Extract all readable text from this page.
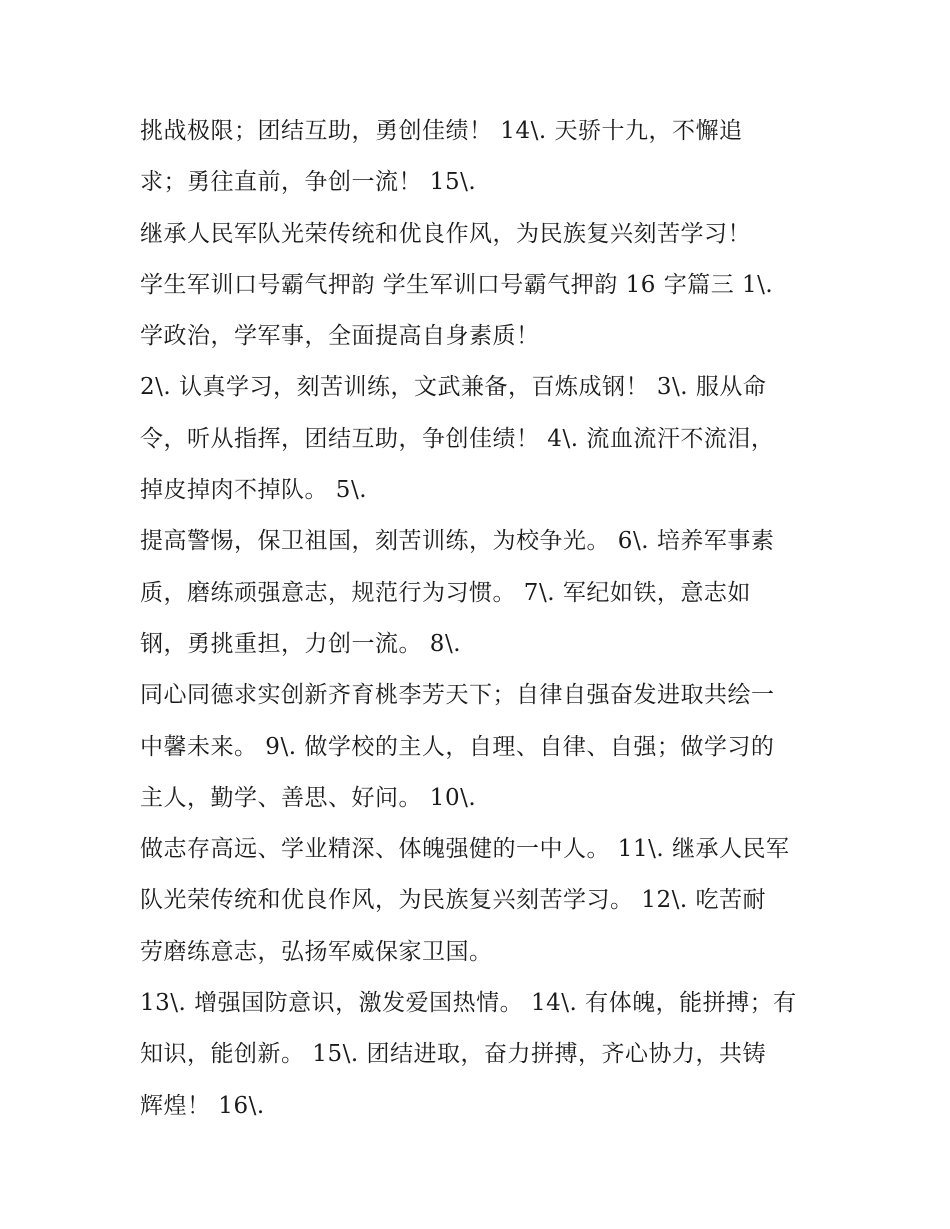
挑战极限；团结互助，勇创佳绩！ 14\. 天骄十九，不懈追
求；勇往直前，争创一流！ 15\.
继承人民军队光荣传统和优良作风，为民族复兴刻苦学习！
学生军训口号霸气押韵 学生军训口号霸气押韵 16 字篇三 1\.
学政治，学军事，全面提高自身素质！
2\. 认真学习，刻苦训练，文武兼备，百炼成钢！ 3\. 服从命
令，听从指挥，团结互助，争创佳绩！ 4\. 流血流汗不流泪，
掉皮掉肉不掉队。 5\.
提高警惕，保卫祖国，刻苦训练，为校争光。 6\. 培养军事素
质，磨练顽强意志，规范行为习惯。 7\. 军纪如铁，意志如
钢，勇挑重担，力创一流。 8\.
同心同德求实创新齐育桃李芳天下；自律自强奋发进取共绘一
中馨未来。 9\. 做学校的主人，自理、自律、自强；做学习的
主人，勤学、善思、好问。 10\.
做志存高远、学业精深、体魄强健的一中人。 11\. 继承人民军
队光荣传统和优良作风，为民族复兴刻苦学习。 12\. 吃苦耐
劳磨练意志，弘扬军威保家卫国。
13\. 增强国防意识，激发爱国热情。 14\. 有体魄，能拼搏；有
知识，能创新。 15\. 团结进取，奋力拼搏，齐心协力，共铸
辉煌！ 16\.
